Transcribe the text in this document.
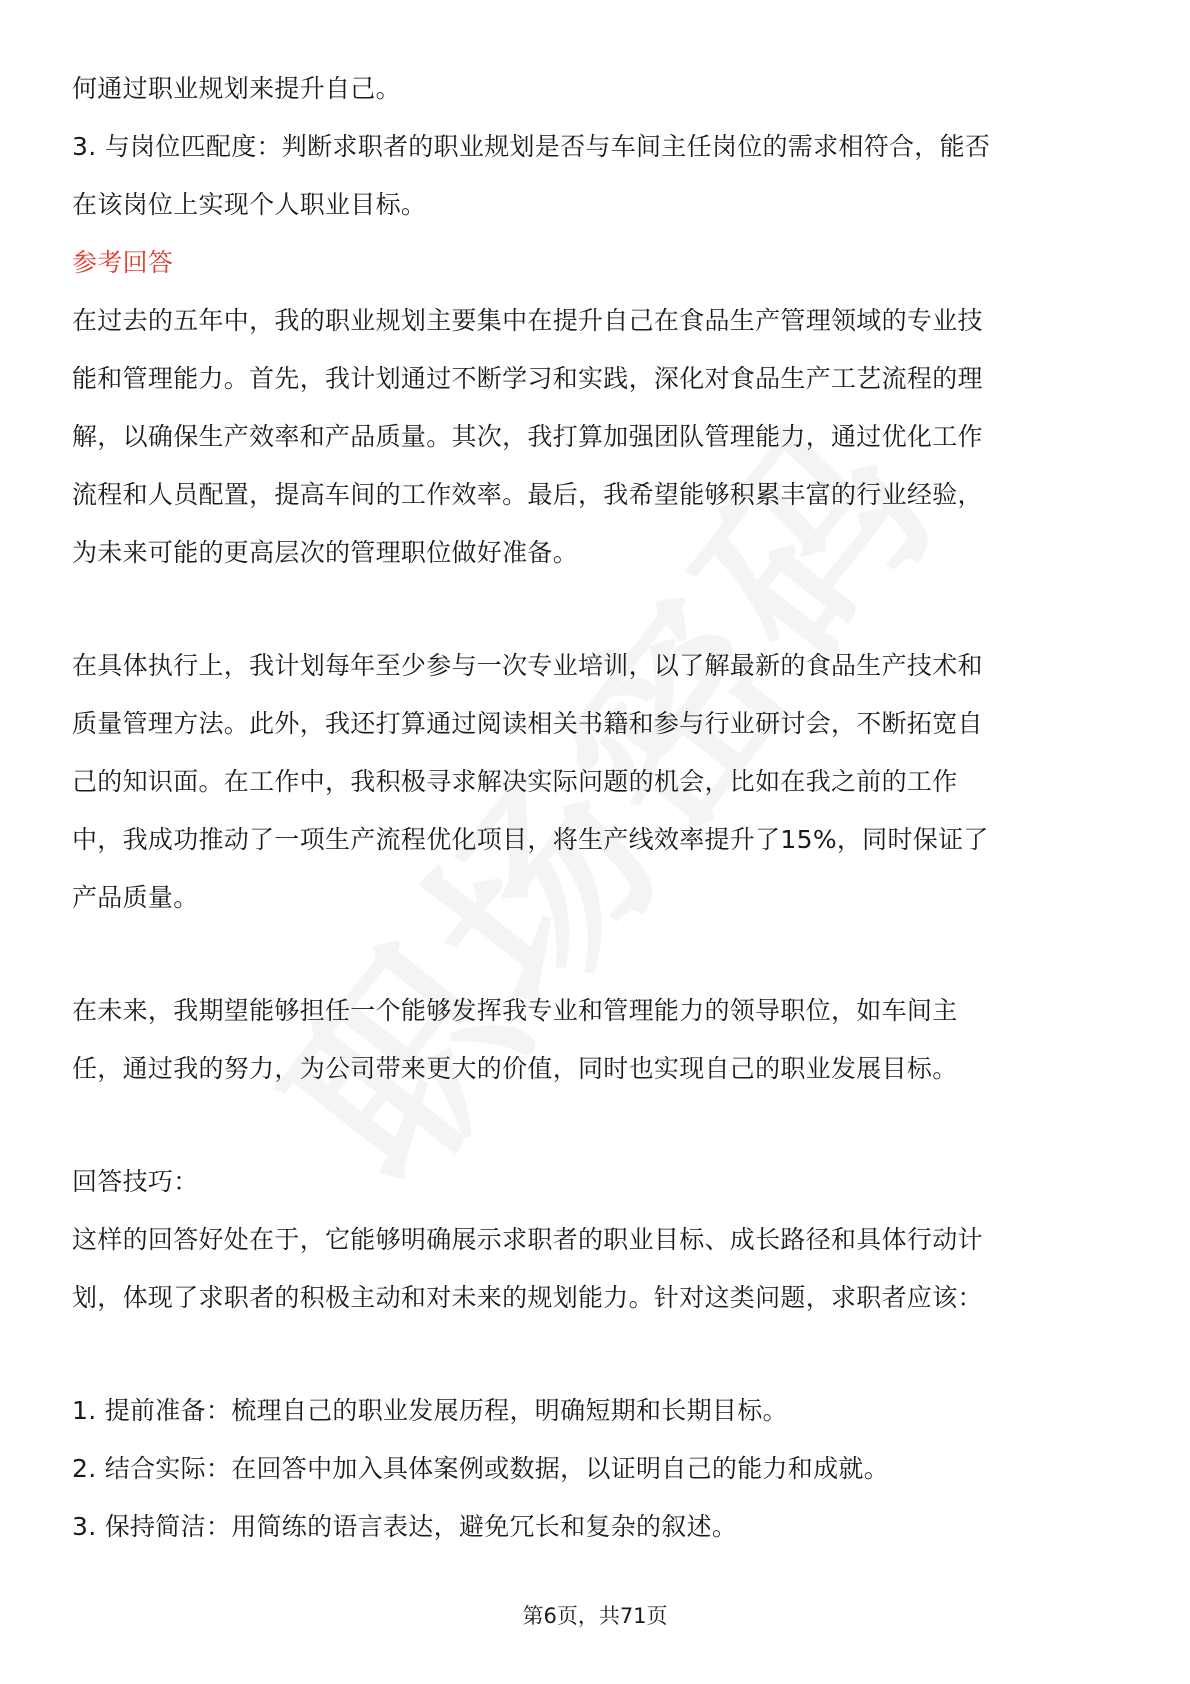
何通过职业规划来提升自己。

3. 与岗位匹配度：判断求职者的职业规划是否与车间主任岗位的需求相符合，能否

在该岗位上实现个人职业目标。

参考回答

在过去的五年中，我的职业规划主要集中在提升自己在食品生产管理领域的专业技

能和管理能力。首先，我计划通过不断学习和实践，深化对食品生产工艺流程的理

解，以确保生产效率和产品质量。其次，我打算加强团队管理能力，通过优化工作

流程和人员配置，提高车间的工作效率。最后，我希望能够积累丰富的行业经验，

为未来可能的更高层次的管理职位做好准备。

在具体执行上，我计划每年至少参与一次专业培训，以了解最新的食品生产技术和

质量管理方法。此外，我还打算通过阅读相关书籍和参与行业研讨会，不断拓宽自

己的知识面。在工作中，我积极寻求解决实际问题的机会，比如在我之前的工作

中，我成功推动了一项生产流程优化项目，将生产线效率提升了15%，同时保证了

产品质量。

在未来，我期望能够担任一个能够发挥我专业和管理能力的领导职位，如车间主

任，通过我的努力，为公司带来更大的价值，同时也实现自己的职业发展目标。

回答技巧：

这样的回答好处在于，它能够明确展示求职者的职业目标、成长路径和具体行动计

划，体现了求职者的积极主动和对未来的规划能力。针对这类问题，求职者应该：

1. 提前准备：梳理自己的职业发展历程，明确短期和长期目标。

2. 结合实际：在回答中加入具体案例或数据，以证明自己的能力和成就。

3. 保持简洁：用简练的语言表达，避免冗长和复杂的叙述。

第6页，共71页
